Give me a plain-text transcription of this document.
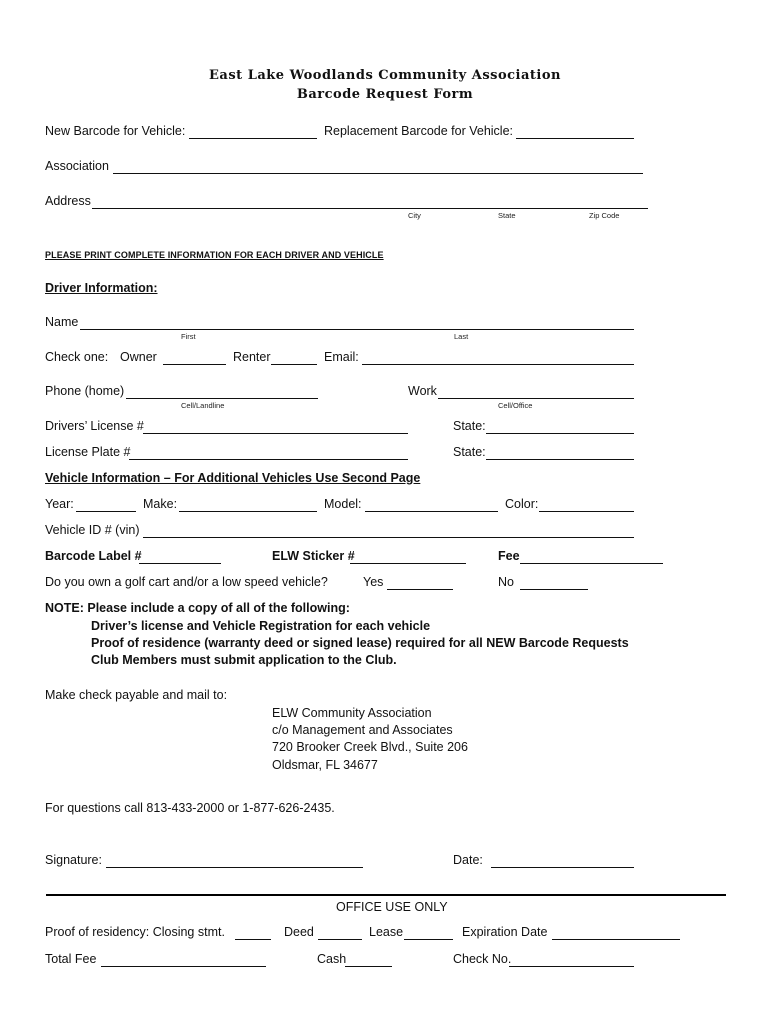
East Lake Woodlands Community Association
Barcode Request Form
New Barcode for Vehicle:	Replacement Barcode for Vehicle:
Association
Address
City	State	Zip Code
PLEASE PRINT COMPLETE INFORMATION FOR EACH DRIVER AND VEHICLE
Driver Information:
Name
First	Last
Check one: Owner	Renter	Email:
Phone (home)
Cell/Landline
Work
Cell/Office
Drivers’ License #	State:
License Plate #	State:
Vehicle Information – For Additional Vehicles Use Second Page
Year:	Make:	Model:	Color:
Vehicle ID # (vin)
Barcode Label #	ELW Sticker #	Fee
Do you own a golf cart and/or a low speed vehicle?	Yes	No
NOTE: Please include a copy of all of the following:
Driver’s license and Vehicle Registration for each vehicle
Proof of residence (warranty deed or signed lease) required for all NEW Barcode Requests
Club Members must submit application to the Club.
Make check payable and mail to:
ELW Community Association
c/o Management and Associates
720 Brooker Creek Blvd., Suite 206
Oldsmar, FL 34677
For questions call 813-433-2000 or 1-877-626-2435.
Signature:	Date:
OFFICE USE ONLY
Proof of residency: Closing stmt.	Deed	Lease	Expiration Date
Total Fee	Cash	Check No.
